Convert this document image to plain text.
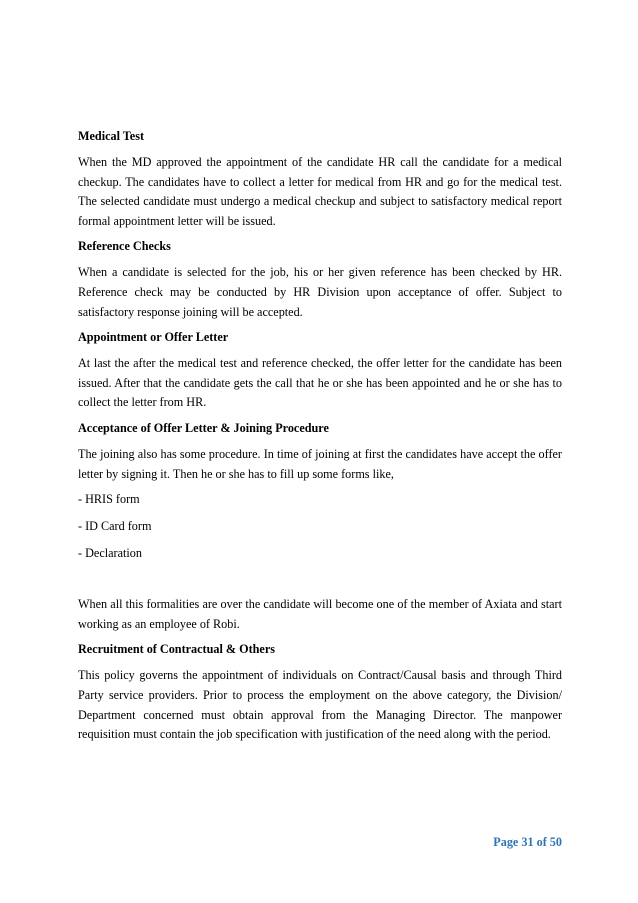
Medical Test
When the MD approved the appointment of the candidate HR call the candidate for a medical checkup. The candidates have to collect a letter for medical from HR and go for the medical test. The selected candidate must undergo a medical checkup and subject to satisfactory medical report formal appointment letter will be issued.
Reference Checks
When a candidate is selected for the job, his or her given reference has been checked by HR. Reference check may be conducted by HR Division upon acceptance of offer. Subject to satisfactory response joining will be accepted.
Appointment or Offer Letter
At last the after the medical test and reference checked, the offer letter for the candidate has been issued. After that the candidate gets the call that he or she has been appointed and he or she has to collect the letter from HR.
Acceptance of Offer Letter & Joining Procedure
The joining also has some procedure. In time of joining at first the candidates have accept the offer letter by signing it. Then he or she has to fill up some forms like,
- HRIS form
- ID Card form
- Declaration
When all this formalities are over the candidate will become one of the member of Axiata and start working as an employee of Robi.
Recruitment of Contractual & Others
This policy governs the appointment of individuals on Contract/Causal basis and through Third Party service providers. Prior to process the employment on the above category, the Division/ Department concerned must obtain approval from the Managing Director. The manpower requisition must contain the job specification with justification of the need along with the period.
Page 31 of 50
